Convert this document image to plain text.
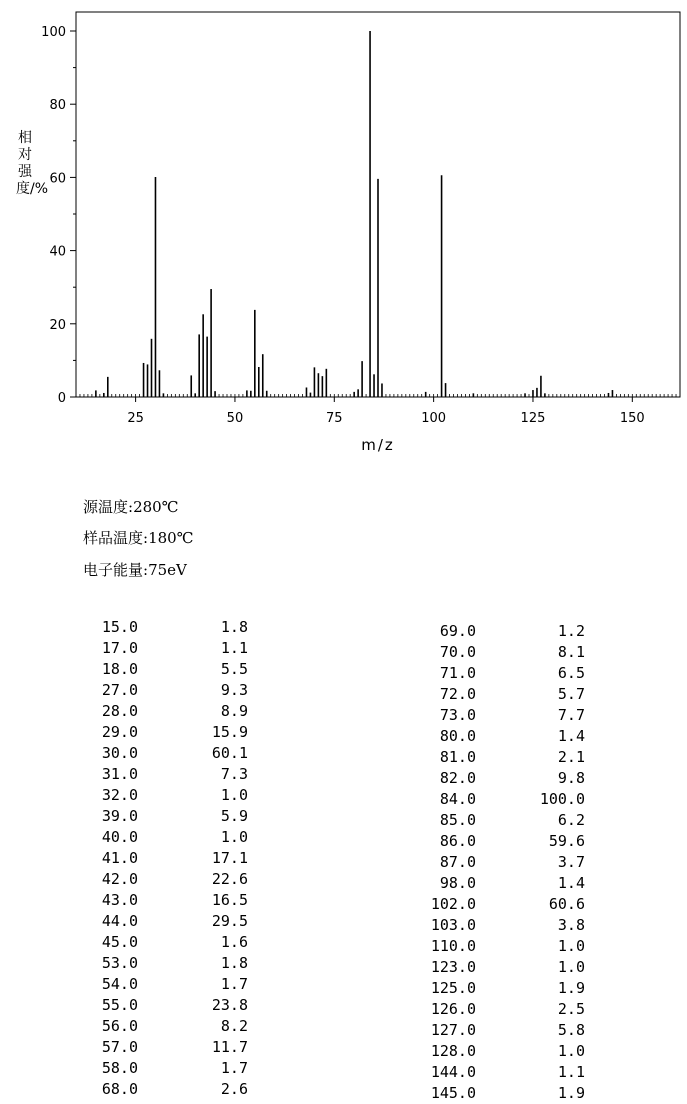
25	50	75	100	125	150
0
20
40
60
80
100
m/z
相对强度/%
源温度:280℃
样品温度:180℃
电子能量:75eV
15.0	1.8
17.0	1.1
18.0	5.5
27.0	9.3
28.0	8.9
29.0	15.9
30.0	60.1
31.0	7.3
32.0	1.0
39.0	5.9
40.0	1.0
41.0	17.1
42.0	22.6
43.0	16.5
44.0	29.5
45.0	1.6
53.0	1.8
54.0	1.7
55.0	23.8
56.0	8.2
57.0	11.7
58.0	1.7
68.0	2.6
69.0	1.2
70.0	8.1
71.0	6.5
72.0	5.7
73.0	7.7
80.0	1.4
81.0	2.1
82.0	9.8
84.0	100.0
85.0	6.2
86.0	59.6
87.0	3.7
98.0	1.4
102.0	60.6
103.0	3.8
110.0	1.0
123.0	1.0
125.0	1.9
126.0	2.5
127.0	5.8
128.0	1.0
144.0	1.1
145.0	1.9
